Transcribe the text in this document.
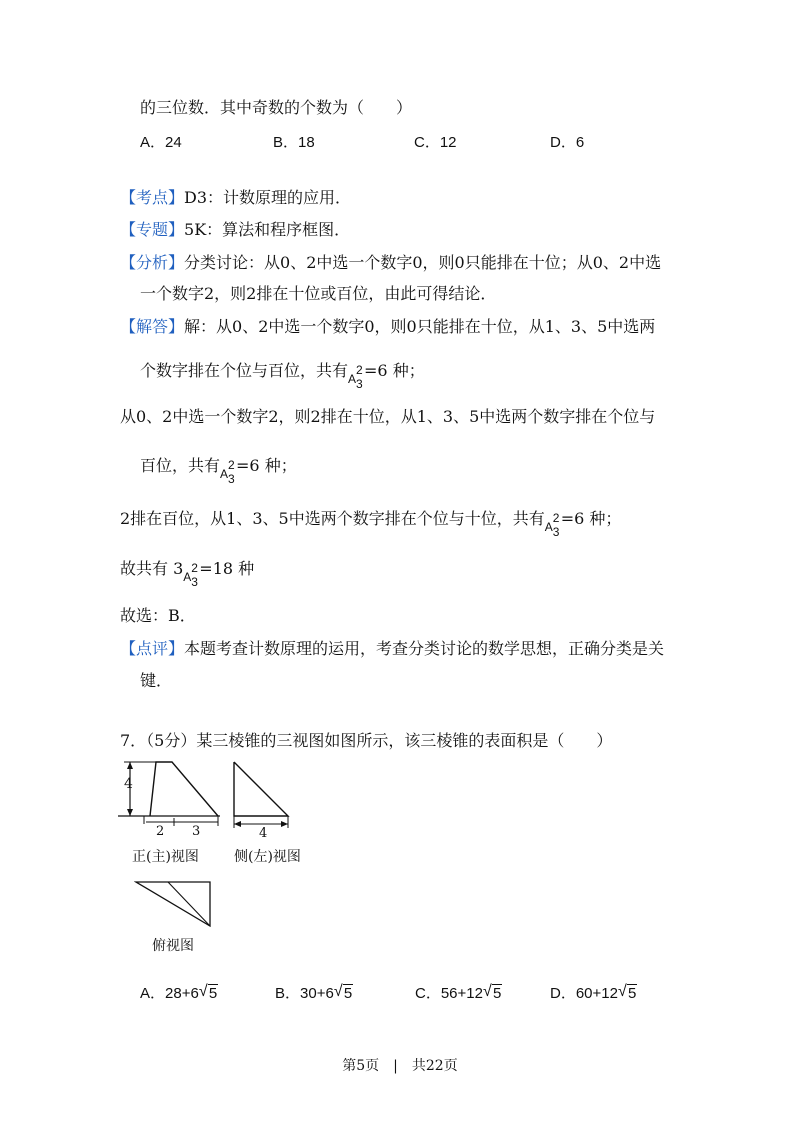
的三位数．其中奇数的个数为（　　）
A．24	B．18	C．12	D．6
【考点】D3：计数原理的应用．
【专题】5K：算法和程序框图．
【分析】分类讨论：从0、2中选一个数字0，则0只能排在十位；从0、2中选
一个数字2，则2排在十位或百位，由此可得结论．
【解答】解：从0、2中选一个数字0，则0只能排在十位，从1、3、5中选两
个数字排在个位与百位，共有 A
2
3
=6 种；
从0、2中选一个数字2，则2排在十位，从1、3、5中选两个数字排在个位与
百位，共有 A
2
3
=6 种；
2排在百位，从1、3、5中选两个数字排在个位与十位，共有 A
2
3
=6 种；
故共有 3 A
2
3
=18 种
故选：B．
【点评】本题考查计数原理的运用，考查分类讨论的数学思想，正确分类是关
键．
7．（5分）某三棱锥的三视图如图所示，该三棱锥的表面积是（　　）
4
2 3
正(主)视图
4
侧(左)视图
俯视图
A．28+6 √ 5	B．30+6 √ 5	C．56+12 √ 5	D．60+12 √ 5
第5页　|　共22页
